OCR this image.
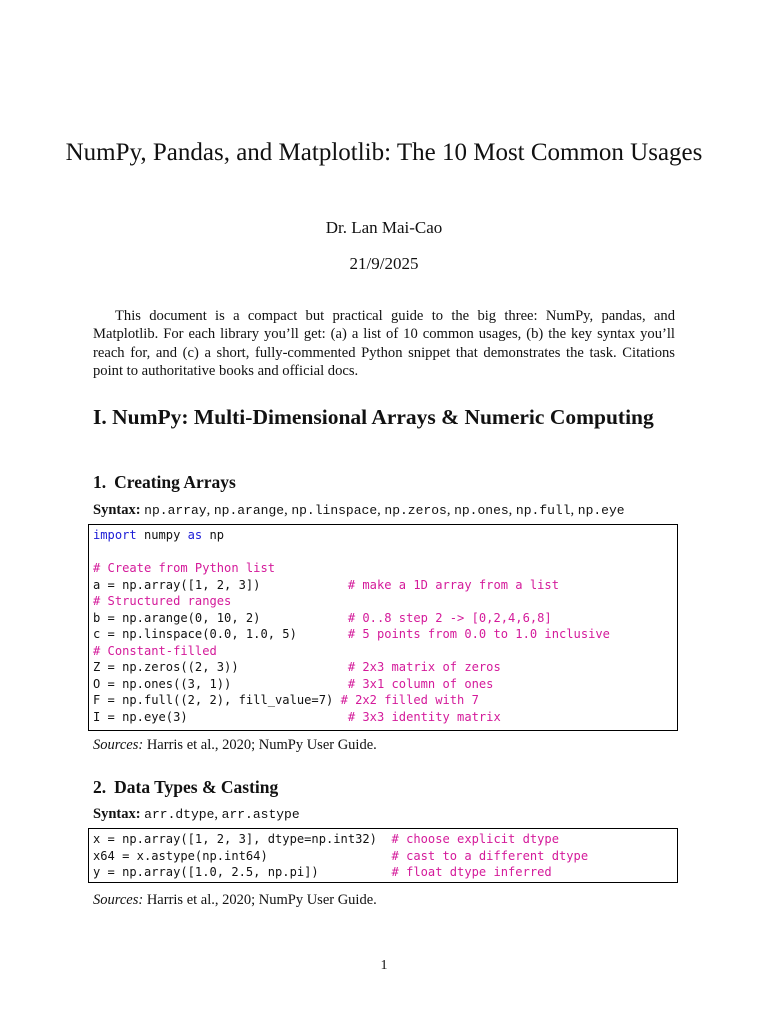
NumPy, Pandas, and Matplotlib: The 10 Most Common Usages
Dr. Lan Mai-Cao
21/9/2025

This document is a compact but practical guide to the big three: NumPy, pandas, and Matplotlib. For each library you’ll get: (a) a list of 10 common usages, (b) the key syntax you’ll reach for, and (c) a short, fully-commented Python snippet that demonstrates the task. Citations point to authoritative books and official docs.

I. NumPy: Multi-Dimensional Arrays & Numeric Computing
1. Creating Arrays
Syntax: np.array, np.arange, np.linspace, np.zeros, np.ones, np.full, np.eye
import numpy as np
# Create from Python list
a = np.array([1, 2, 3])            # make a 1D array from a list
# Structured ranges
b = np.arange(0, 10, 2)            # 0..8 step 2 -> [0,2,4,6,8]
c = np.linspace(0.0, 1.0, 5)       # 5 points from 0.0 to 1.0 inclusive
# Constant-filled
Z = np.zeros((2, 3))               # 2x3 matrix of zeros
O = np.ones((3, 1))                # 3x1 column of ones
F = np.full((2, 2), fill_value=7) # 2x2 filled with 7
I = np.eye(3)                      # 3x3 identity matrix
Sources: Harris et al., 2020; NumPy User Guide.
2. Data Types & Casting
Syntax: arr.dtype, arr.astype
x = np.array([1, 2, 3], dtype=np.int32)  # choose explicit dtype
x64 = x.astype(np.int64)                 # cast to a different dtype
y = np.array([1.0, 2.5, np.pi])          # float dtype inferred
Sources: Harris et al., 2020; NumPy User Guide.
1
